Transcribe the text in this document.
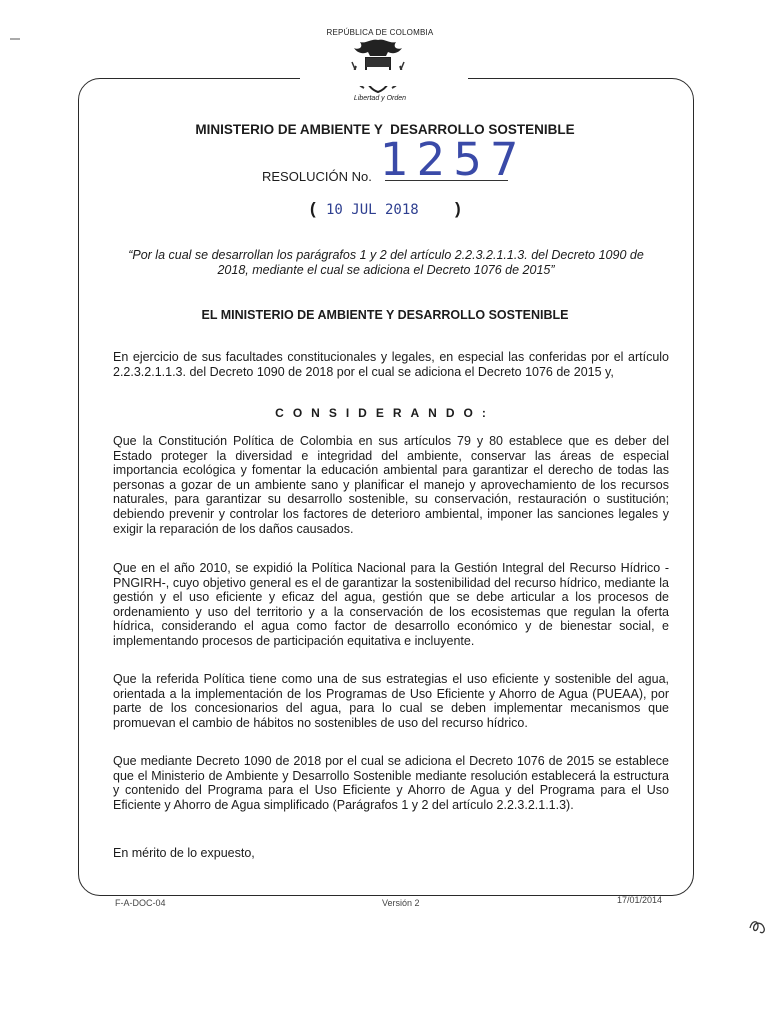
REPÚBLICA DE COLOMBIA
Libertad y Orden
MINISTERIO DE AMBIENTE Y  DESARROLLO SOSTENIBLE
RESOLUCIÓN No. 1257
( 10 JUL 2018 )
“Por la cual se desarrollan los parágrafos 1 y 2 del artículo 2.2.3.2.1.1.3. del Decreto 1090 de 2018, mediante el cual se adiciona el Decreto 1076 de 2015”
EL MINISTERIO DE AMBIENTE Y DESARROLLO SOSTENIBLE
En ejercicio de sus facultades constitucionales y legales, en especial las conferidas por el artículo 2.2.3.2.1.1.3. del Decreto 1090 de 2018 por el cual se adiciona el Decreto 1076 de 2015 y,
CONSIDERANDO:
Que la Constitución Política de Colombia en sus artículos 79 y 80 establece que es deber del Estado proteger la diversidad e integridad del ambiente, conservar las áreas de especial importancia ecológica y fomentar la educación ambiental para garantizar el derecho de todas las personas a gozar de un ambiente sano y planificar el manejo y aprovechamiento de los recursos naturales, para garantizar su desarrollo sostenible, su conservación, restauración o sustitución; debiendo prevenir y controlar los factores de deterioro ambiental, imponer las sanciones legales y exigir la reparación de los daños causados.
Que en el año 2010, se expidió la Política Nacional para la Gestión Integral del Recurso Hídrico -PNGIRH-, cuyo objetivo general es el de garantizar la sostenibilidad del recurso hídrico, mediante la gestión y el uso eficiente y eficaz del agua, gestión que se debe articular a los procesos de ordenamiento y uso del territorio y a la conservación de los ecosistemas que regulan la oferta hídrica, considerando el agua como factor de desarrollo económico y de bienestar social, e implementando procesos de participación equitativa e incluyente.
Que la referida Política tiene como una de sus estrategias el uso eficiente y sostenible del agua, orientada a la implementación de los Programas de Uso Eficiente y Ahorro de Agua (PUEAA), por parte de los concesionarios del agua, para lo cual se deben implementar mecanismos que promuevan el cambio de hábitos no sostenibles de uso del recurso hídrico.
Que mediante Decreto 1090 de 2018 por el cual se adiciona el Decreto 1076 de 2015 se establece que el Ministerio de Ambiente y Desarrollo Sostenible mediante resolución establecerá la estructura y contenido del Programa para el Uso Eficiente y Ahorro de Agua y del Programa para el Uso Eficiente y Ahorro de Agua simplificado (Parágrafos 1 y 2 del artículo 2.2.3.2.1.1.3).
En mérito de lo expuesto,
F-A-DOC-04	Versión 2	17/01/2014
